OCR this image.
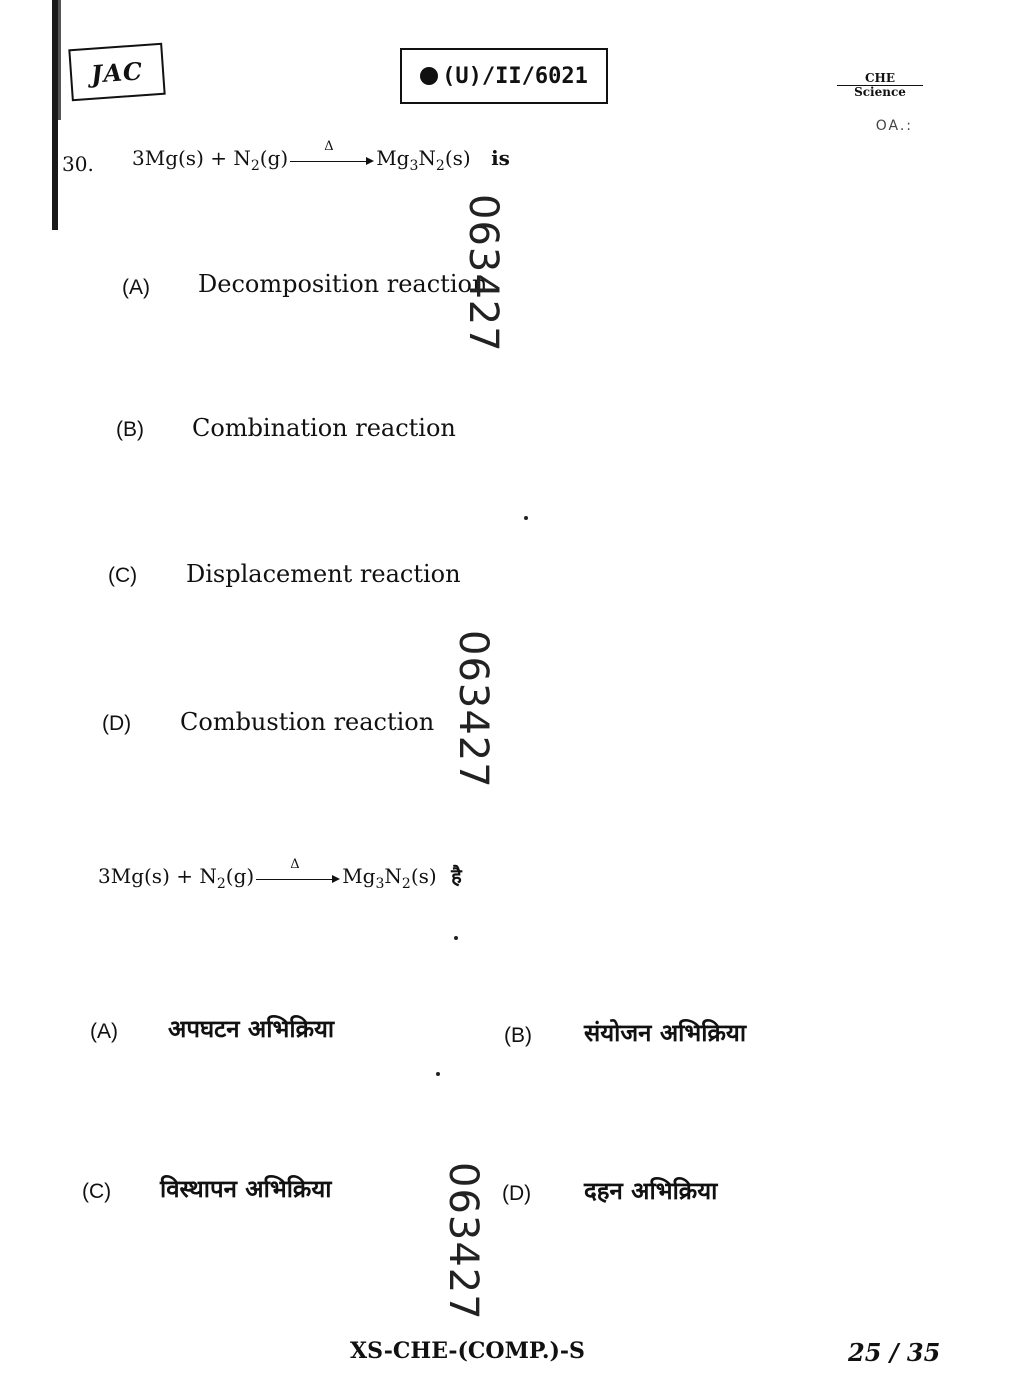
JAC	(U)/II/6021	CHE
Science
OA.:
30. $3Mg(s) + N_2(g)$	Δ $Mg_3N_2(s)$ is
(A) Decomposition reaction
(B) Combination reaction
(C) Displacement reaction
(D) Combustion reaction
$3Mg(s) + N_2(g)$	Δ $Mg_3N_2(s)$ है
(A) अपघटन अभिक्रिया	(B) संयोजन अभिक्रिया
(C) विस्थापन अभिक्रिया	(D) दहन अभिक्रिया
063427
063427
063427
XS-CHE-(COMP.)-S	25 / 35
